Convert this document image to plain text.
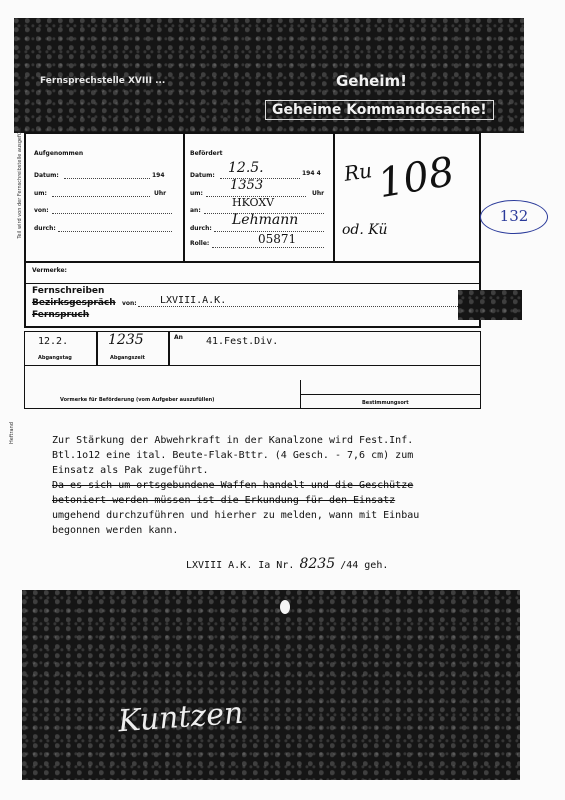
Fernsprechstelle XVIII ...	Geheim!
Geheime Kommandosache!
Teil wird von der Fernschreibstelle ausgefüllt
Heftrand
Aufgenommen
Datum:	194
um:	Uhr
von:
durch:
Befördert
Datum: 12.5.	194 4
um:
1353
Uhr
an:
HKOXV
durch:
Lehmann
Rolle:	05871
108
Ru
od. Kü
132
Vermerke:
Fernschreiben
Bezirksgespräch
Fernspruch
von: LXVIII.A.K.
12.2.
Abgangstag
1235
Abgangszeit
An 41.Fest.Div.
Vormerke für Beförderung (vom Aufgeber auszufüllen)	Bestimmungsort
Zur Stärkung der Abwehrkraft in der Kanalzone wird Fest.Inf.
Btl.1o12 eine ital. Beute-Flak-Bttr. (4 Gesch. - 7,6 cm) zum
Einsatz als Pak zugeführt.
Da es sich um ortsgebundene Waffen handelt und die Geschütze
betoniert werden müssen ist die Erkundung für den Einsatz
umgehend durchzuführen und hierher zu melden, wann mit Einbau
begonnen werden kann.
LXVIII A.K. Ia Nr. 8235 /44 geh.
Kuntzen
